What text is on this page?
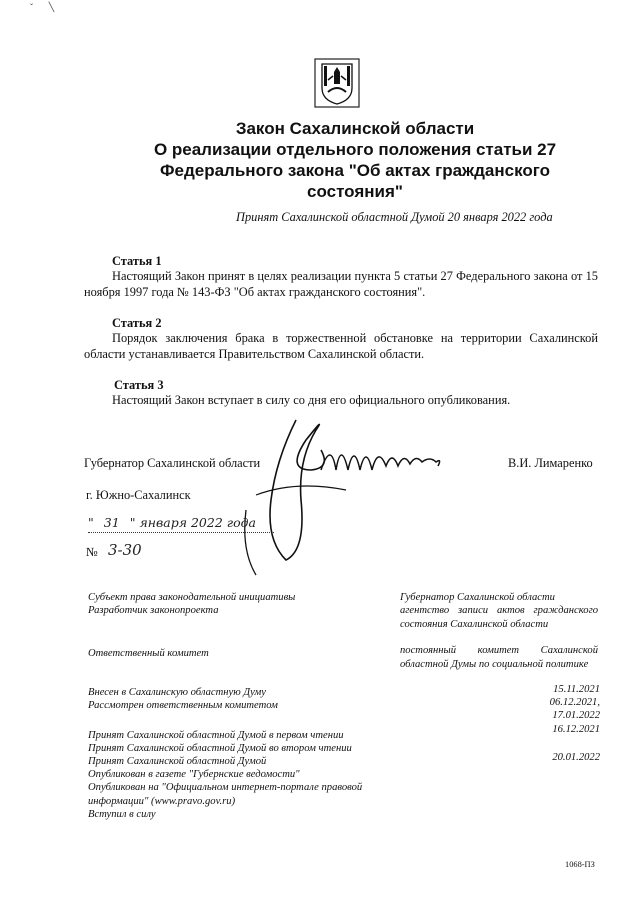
ˇ       ╲
Закон Сахалинской области
О реализации отдельного положения статьи 27
Федерального закона "Об актах гражданского
состояния"
Принят Сахалинской областной Думой 20 января 2022 года
Статья 1

Настоящий Закон принят в целях реализации пункта 5 статьи 27 Федерального закона от 15 ноября 1997 года № 143-ФЗ "Об актах гражданского состояния".

Статья 2

Порядок заключения брака в торжественной обстановке на территории Сахалинской области устанавливается Правительством Сахалинской области.

Статья 3

Настоящий Закон вступает в силу со дня его официального опубликования.

Губернатор Сахалинской области	В.И. Лимаренко
г. Южно-Сахалинск
" 31 " января 2022 года
№ 3-30
Субъект права законодательной инициативы
Разработчик законопроекта
Ответственный комитет
Внесен в Сахалинскую областную Думу
Рассмотрен ответственным комитетом
Принят Сахалинской областной Думой в первом чтении
Принят Сахалинской областной Думой во втором чтении
Принят Сахалинской областной Думой
Опубликован в газете "Губернские ведомости"
Опубликован на "Официальном интернет-портале правовой информации" (www.pravo.gov.ru)
Вступил в силу
Губернатор Сахалинской области
агентство записи актов гражданского состояния Сахалинской области
постоянный комитет Сахалинской областной Думы по социальной политике
15.11.2021
06.12.2021,
17.01.2022
16.12.2021
20.01.2022
1068-ПЗ
